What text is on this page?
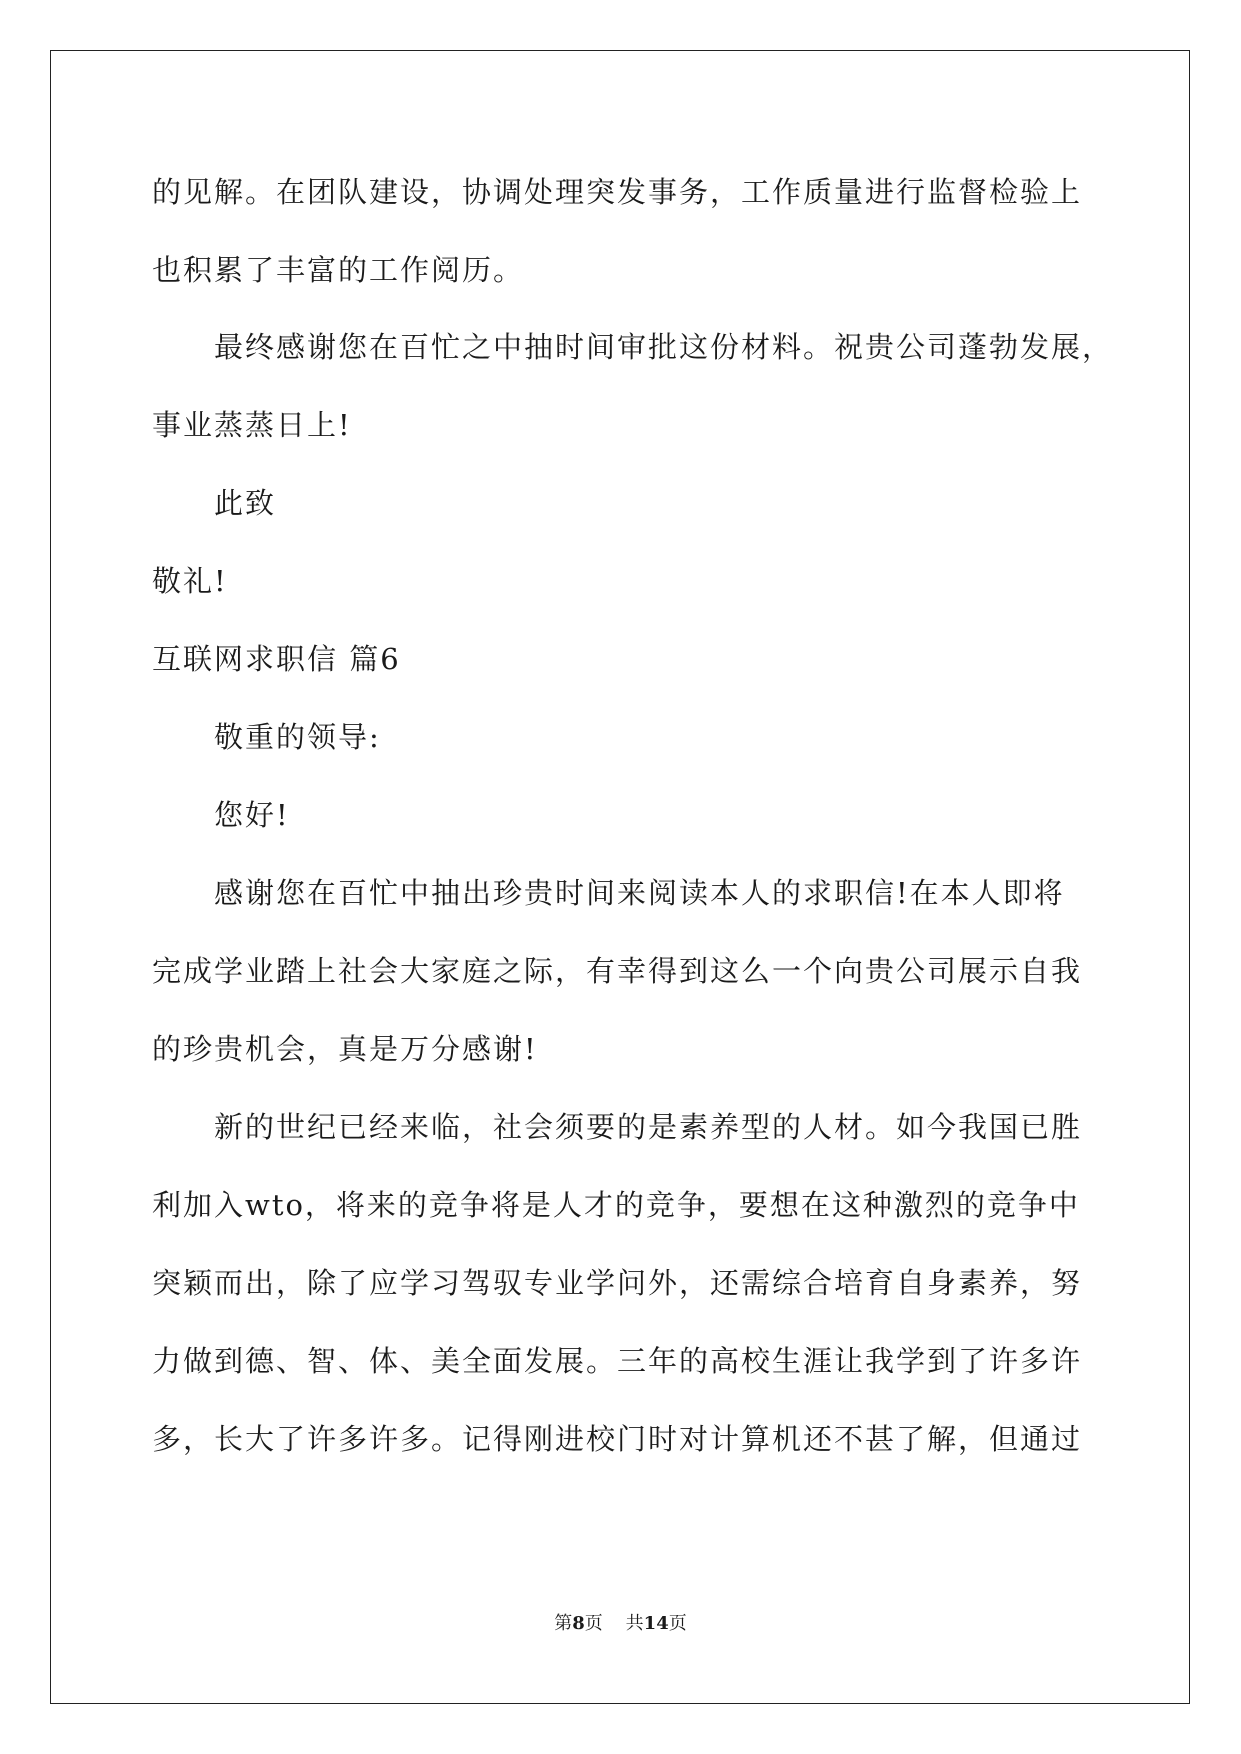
的见解。在团队建设，协调处理突发事务，工作质量进行监督检验上
也积累了丰富的工作阅历。
最终感谢您在百忙之中抽时间审批这份材料。祝贵公司蓬勃发展，
事业蒸蒸日上!
此致
敬礼!
互联网求职信 篇6
敬重的领导:
您好!
感谢您在百忙中抽出珍贵时间来阅读本人的求职信!在本人即将
完成学业踏上社会大家庭之际，有幸得到这么一个向贵公司展示自我
的珍贵机会，真是万分感谢!
新的世纪已经来临，社会须要的是素养型的人材。如今我国已胜
利加入wto，将来的竞争将是人才的竞争，要想在这种激烈的竞争中
突颖而出，除了应学习驾驭专业学问外，还需综合培育自身素养，努
力做到德、智、体、美全面发展。三年的高校生涯让我学到了许多许
多，长大了许多许多。记得刚进校门时对计算机还不甚了解，但通过
第8页 共14页
